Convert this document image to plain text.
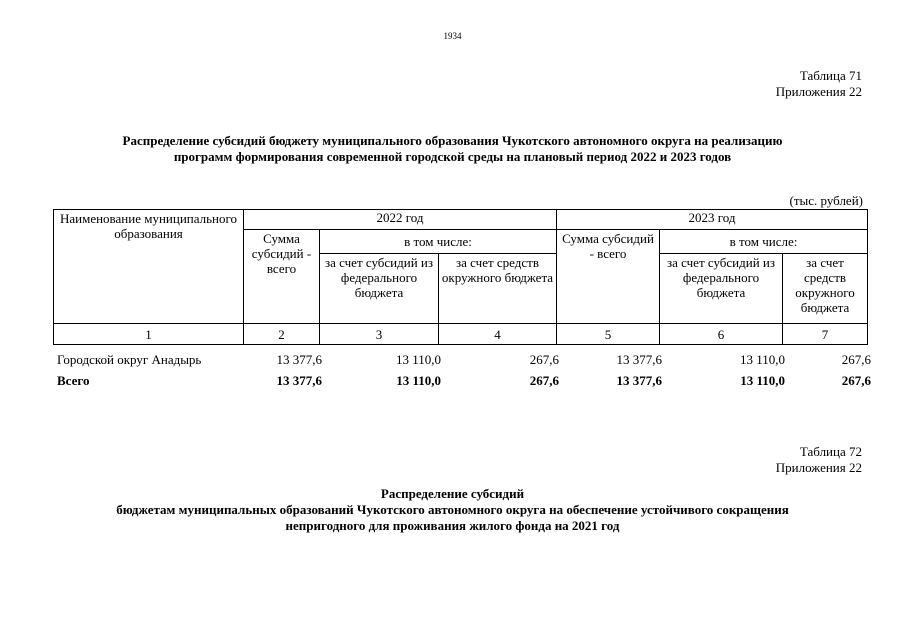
1934
Таблица 71
Приложения 22
Распределение субсидий бюджету муниципального образования Чукотского автономного округа на реализацию
программ формирования современной городской среды на плановый период 2022 и 2023 годов
(тыс. рублей)
Наименование муниципального образования	2022 год			2023 год		
	Сумма субсидий - всего	в том числе:		Сумма субсидий - всего	в том числе:	
		за счет субсидий из федерального бюджета	за счет средств окружного бюджета		за счет субсидий из федерального бюджета	за счет средств окружного бюджета
1	2	3	4	5	6	7
Городской округ Анадырь	13 377,6	13 110,0	267,6	13 377,6	13 110,0	267,6
Всего	13 377,6	13 110,0	267,6	13 377,6	13 110,0	267,6
Таблица 72
Приложения 22
Распределение субсидий
бюджетам муниципальных образований Чукотского автономного округа на обеспечение устойчивого сокращения
непригодного для проживания жилого фонда на 2021 год
